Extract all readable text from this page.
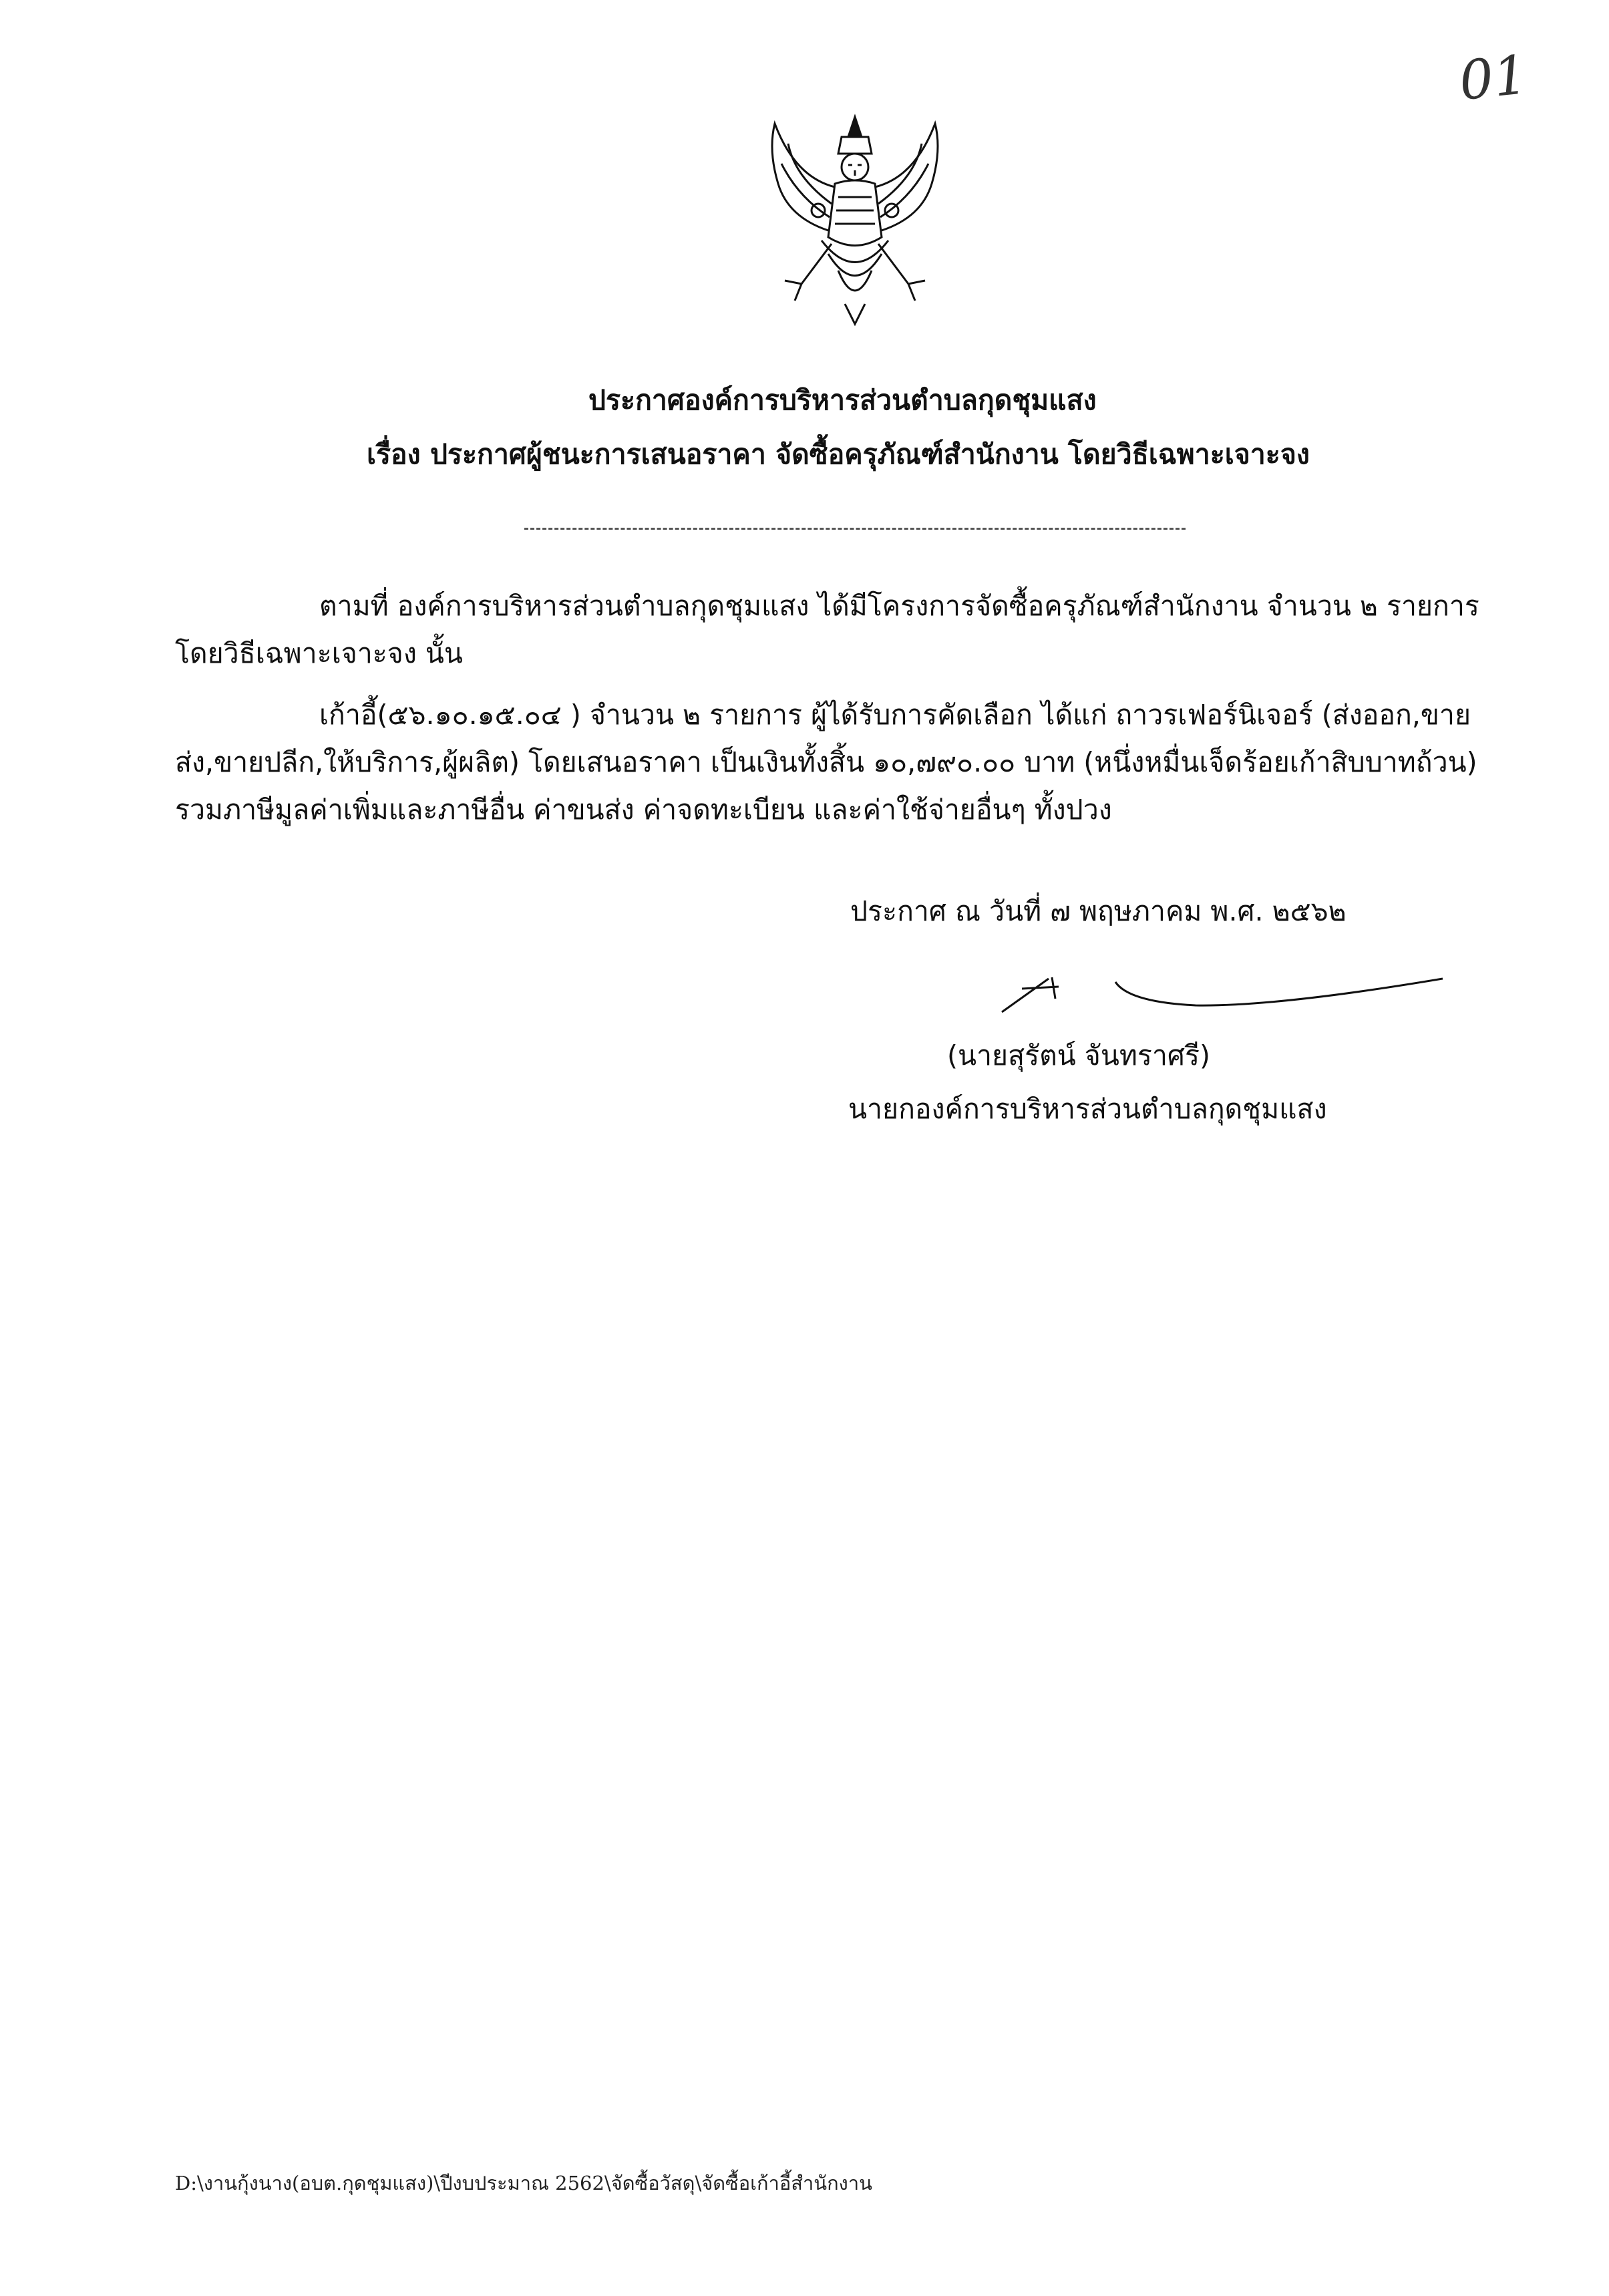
01
ประกาศองค์การบริหารส่วนตำบลกุดชุมแสง
เรื่อง ประกาศผู้ชนะการเสนอราคา จัดซื้อครุภัณฑ์สำนักงาน โดยวิธีเฉพาะเจาะจง
ตามที่ องค์การบริหารส่วนตำบลกุดชุมแสง ได้มีโครงการจัดซื้อครุภัณฑ์สำนักงาน จำนวน ๒ รายการ
โดยวิธีเฉพาะเจาะจง นั้น
เก้าอี้(๕๖.๑๐.๑๕.๐๔ ) จำนวน ๒ รายการ ผู้ได้รับการคัดเลือก ได้แก่ ถาวรเฟอร์นิเจอร์ (ส่งออก,ขาย
ส่ง,ขายปลีก,ให้บริการ,ผู้ผลิต) โดยเสนอราคา เป็นเงินทั้งสิ้น ๑๐,๗๙๐.๐๐ บาท (หนึ่งหมื่นเจ็ดร้อยเก้าสิบบาทถ้วน)
รวมภาษีมูลค่าเพิ่มและภาษีอื่น ค่าขนส่ง ค่าจดทะเบียน และค่าใช้จ่ายอื่นๆ ทั้งปวง
ประกาศ ณ วันที่ ๗ พฤษภาคม พ.ศ. ๒๕๖๒
(นายสุรัตน์ จันทราศรี)
นายกองค์การบริหารส่วนตำบลกุดชุมแสง
D:\งานกุ้งนาง(อบต.กุดชุมแสง)\ปีงบประมาณ 2562\จัดซื้อวัสดุ\จัดซื้อเก้าอี้สำนักงาน
